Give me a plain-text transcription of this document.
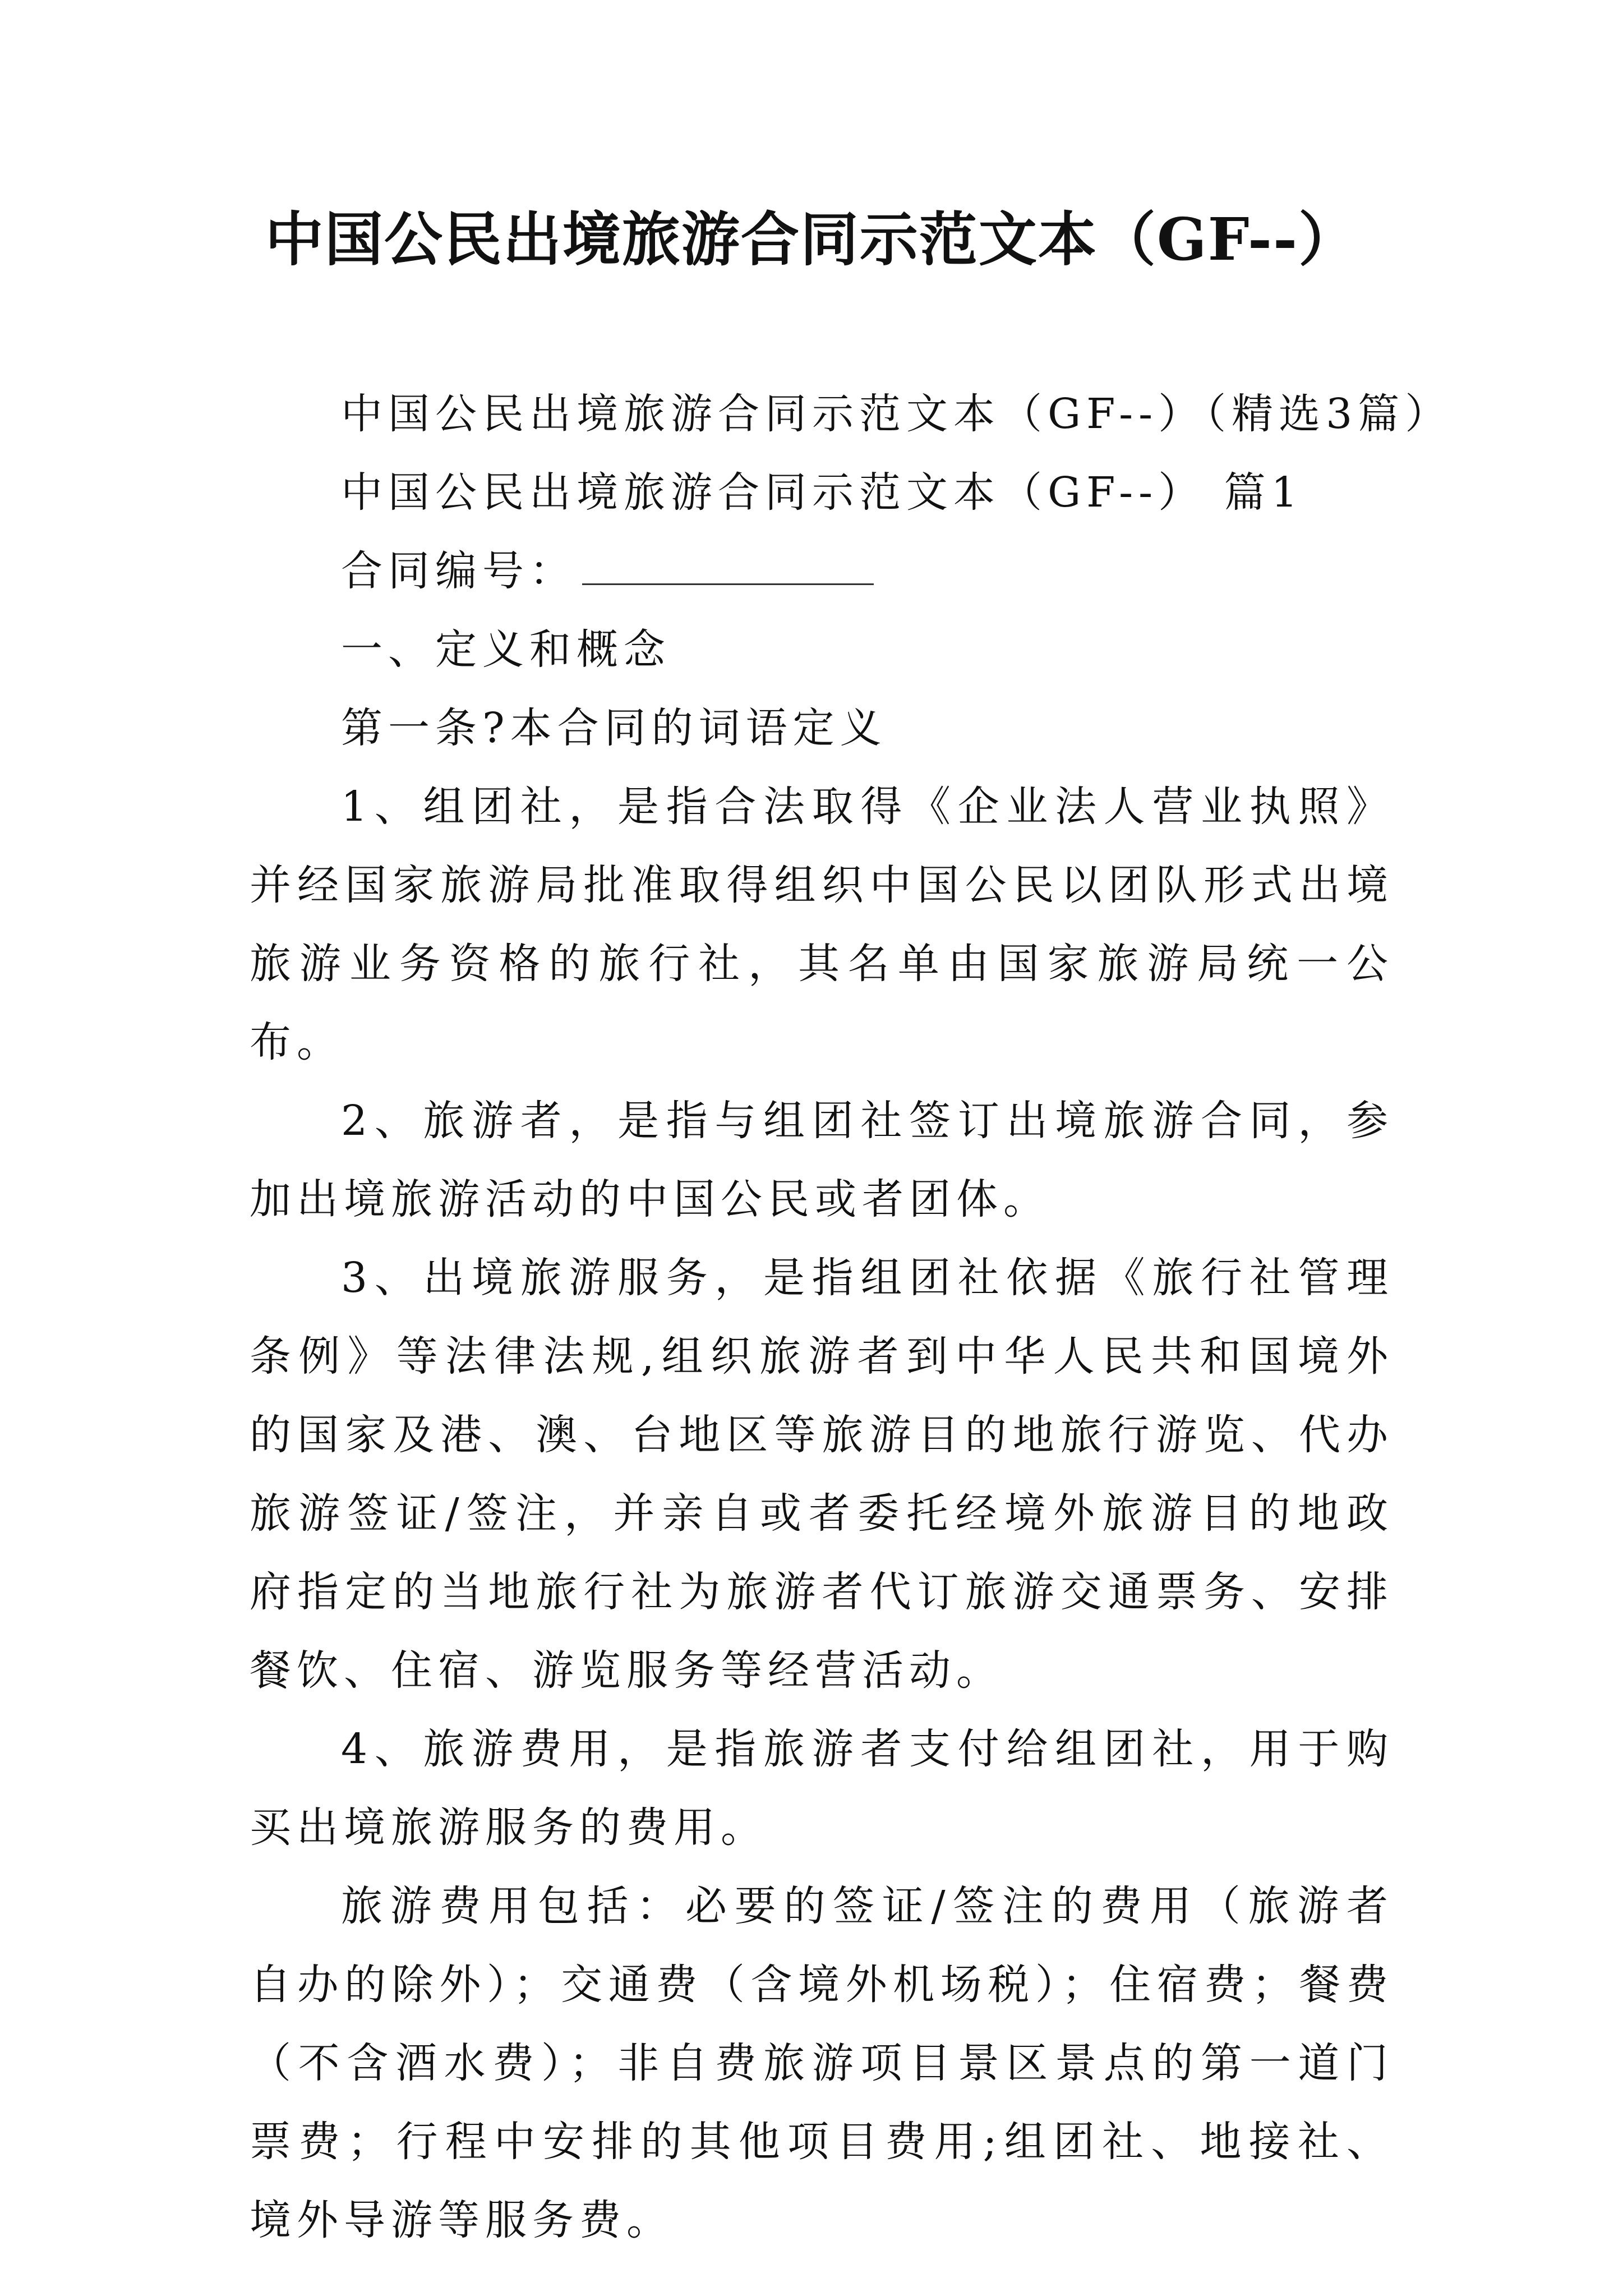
中国公民出境旅游合同示范文本（GF--）
中国公民出境旅游合同示范文本（GF--）（精选3篇）
中国公民出境旅游合同示范文本（GF--） 篇1
合同编号：
一、定义和概念
第一条?本合同的词语定义

1、组团社，是指合法取得《企业法人营业执照》并经国家旅游局批准取得组织中国公民以团队形式出境旅游业务资格的旅行社，其名单由国家旅游局统一公布。

2、旅游者，是指与组团社签订出境旅游合同，参加出境旅游活动的中国公民或者团体。

3、出境旅游服务，是指组团社依据《旅行社管理条例》等法律法规,组织旅游者到中华人民共和国境外的国家及港、澳、台地区等旅游目的地旅行游览、代办旅游签证/签注，并亲自或者委托经境外旅游目的地政府指定的当地旅行社为旅游者代订旅游交通票务、安排餐饮、住宿、游览服务等经营活动。

4、旅游费用，是指旅游者支付给组团社，用于购买出境旅游服务的费用。

旅游费用包括：必要的签证/签注的费用（旅游者自办的除外）；交通费（含境外机场税）；住宿费；餐费（不含酒水费）；非自费旅游项目景区景点的第一道门票费；行程中安排的其他项目费用;组团社、地接社、境外导游等服务费。
